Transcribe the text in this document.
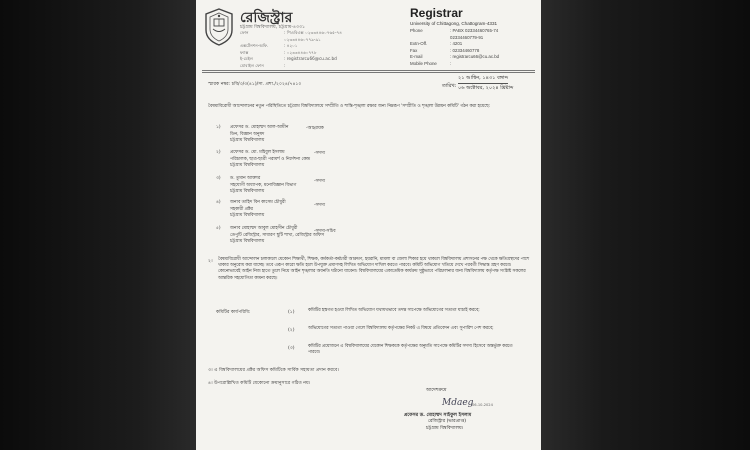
রেজিস্ট্রার
চট্টগ্রাম বিশ্ববিদ্যালয়, চট্টগ্রাম-৪৩৩১
ফোন	: পিএবিএক্স ০২৩৩৪৪৬০৭৬৫-৭৪
০২৩৩৪৪৬০৭৭৯-৯১
এক্সটেনশন-অফি.	: ৪২০১
ফ্যাক্স	: ০২৩৩৪৪৬০৭৭৮
ই-মেইল	: registrarcu66@cu.ac.bd
মোবাইল ফোন	:
Registrar
University of Chittagong, Chattogram-4331
Phone	: PABX 02334460765-74
02334460779-91
Extn-Off.	: 4201
Fax	: 02334460778
E-mail	: registrarcu66@cu.ac.bd
Mobile Phone	:
স্মারক নম্বর: চবি/৩/৩(৪১)/সা. প্রশা./২০২৪/৭৪১০	তারিখ:
২১ আশ্বিন, ১৪৩১ বঙ্গাব্দ
০৬ অক্টোবর, ২০২৪ খ্রিষ্টাব্দ
বৈষম্যবিরোধী আন্দোলনের নতুন পরিস্থিতিতে চট্টগ্রাম বিশ্ববিদ্যালয়ে সম্প্রীতি ও শান্তি-শৃঙ্খলা রক্ষার জন্য নিম্নরূপ 'সম্প্রীতি ও শৃঙ্খলা উন্নয়ন কমিটি' গঠন করা হয়েছে:
১) প্রফেসর ড. মোহাম্মদ আল-আমীন
ডিন, বিজ্ঞান অনুষদ
চট্টগ্রাম বিশ্ববিদ্যালয়
-আহ্বায়ক
২) প্রফেসর ড. মো. মহিবুল ইসলাম
পরিচালক, ছাত্র-ছাত্রী পরামর্শ ও নির্দেশনা কেন্দ্র
চট্টগ্রাম বিশ্ববিদ্যালয়
-সদস্য
৩) ড. তুমান আক্তার
সহযোগী অধ্যাপক, মনোবিজ্ঞান বিভাগ
চট্টগ্রাম বিশ্ববিদ্যালয়
-সদস্য
৪) জনাব তাহিদ বিন কাসেম চৌধুরী
সহকারী প্রক্টর
চট্টগ্রাম বিশ্ববিদ্যালয়
-সদস্য
৫) জনাব মোহাম্মদ আবুল মোহসীন চৌধুরী
ডেপুটি রেজিস্ট্রার, সাধারণ ছুটি শাখা, রেজিস্ট্রার অফিস
চট্টগ্রাম বিশ্ববিদ্যালয়
-সদস্য-সচিব
২। বৈষম্যবিরোধী আন্দোলন চলাকালে যেকোন শিক্ষার্থী, শিক্ষক, কর্মকর্তা-কর্মচারী আক্রমণ, হয়রানি, মামলা বা জেলা শিকার হয়ে থাকলে বিশ্ববিদ্যালয় প্রশাসনের পক্ষ থেকে ক্ষতিগ্রস্থদের পাশে থাকার অনুরোধ করা যাচ্ছে। তবে এরূপ কারো ক্ষতি হলে উপযুক্ত প্রমাণসহ লিখিত অভিযোগ দাখিল করতে পারবে। কমিটি অভিযোগ খতিয়ে দেখে পরবর্তী সিদ্ধান্ত গ্রহণ করবে। কোনোভাবেই আইন নিজ হাতে তুলে নিয়ে আইন শৃঙ্খলার অবনতি ঘটানো যাবেনা। বিশ্ববিদ্যালয়ের একাডেমিক কার্যক্রম সুষ্ঠুভাবে পরিচালনার জন্য বিশ্ববিদ্যালয় কর্তৃপক্ষ সংশ্লিষ্ট সকলের আন্তরিক সহযোগিতা কামনা করছে।
কমিটির কার্যপরিধি:	(১)	কমিটির হস্তগত হওয়া লিখিত অভিযোগ যথাযথভাবে তদন্ত সাপেক্ষে অভিযোগের সত্যতা যাচাই করবে;
(২)	অভিযোগের সত্যতা পাওয়া গেলে বিশ্ববিদ্যালয় কর্তৃপক্ষের নিকট এ বিষয়ে প্রতিবেদন এবং সুপারিশ পেশ করবে;
(৩)	কমিটির প্রয়োজনে এ বিশ্ববিদ্যালয়ের যেকোন শিক্ষককে কর্তৃপক্ষের অনুমতি সাপেক্ষে কমিটির সদস্য হিসেবে অন্তর্ভুক্ত করতে পারবে।
৩। এ বিশ্ববিদ্যালয়ের প্রক্টর অফিস কমিটিকে সার্বিক সহায়তা প্রদান করবে।
৪। উপরোল্লিখিত কমিটি যেকোনো ক্রমানুসারে গঠিত নয়।
আদেশক্রমে
Mdaeg
06-10-2024
প্রফেসর ড. মোহাম্মদ সাইফুল ইসলাম
রেজিস্ট্রার (ভারপ্রাপ্ত)
চট্টগ্রাম বিশ্ববিদ্যালয়।
